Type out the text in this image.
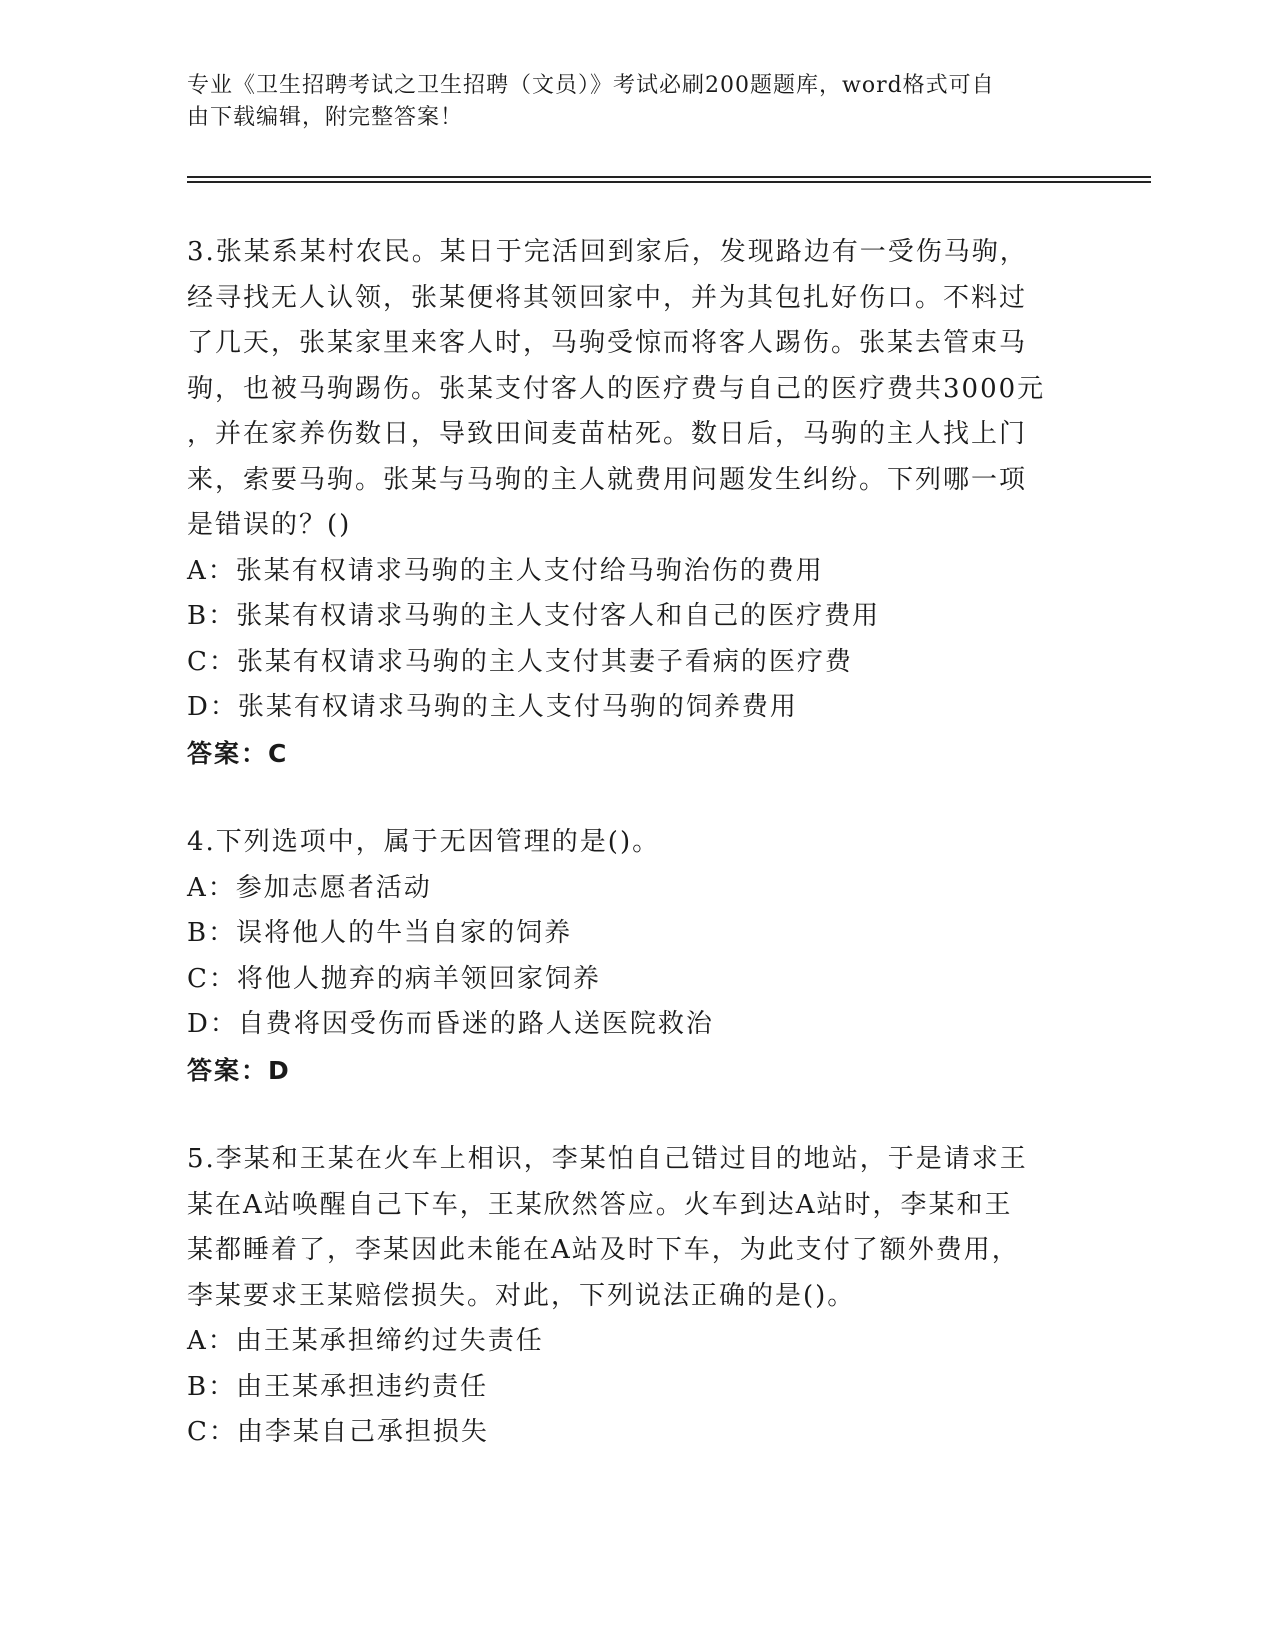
专业《卫生招聘考试之卫生招聘（文员）》考试必刷200题题库，word格式可自
由下载编辑，附完整答案！
3.张某系某村农民。某日于完活回到家后，发现路边有一受伤马驹，
经寻找无人认领，张某便将其领回家中，并为其包扎好伤口。不料过
了几天，张某家里来客人时，马驹受惊而将客人踢伤。张某去管束马
驹，也被马驹踢伤。张某支付客人的医疗费与自己的医疗费共3000元
，并在家养伤数日，导致田间麦苗枯死。数日后，马驹的主人找上门
来，索要马驹。张某与马驹的主人就费用问题发生纠纷。下列哪一项
是错误的？()
A：张某有权请求马驹的主人支付给马驹治伤的费用
B：张某有权请求马驹的主人支付客人和自己的医疗费用
C：张某有权请求马驹的主人支付其妻子看病的医疗费
D：张某有权请求马驹的主人支付马驹的饲养费用
答案：C
4.下列选项中，属于无因管理的是()。
A：参加志愿者活动
B：误将他人的牛当自家的饲养
C：将他人抛弃的病羊领回家饲养
D：自费将因受伤而昏迷的路人送医院救治
答案：D
5.李某和王某在火车上相识，李某怕自己错过目的地站，于是请求王
某在A站唤醒自己下车，王某欣然答应。火车到达A站时，李某和王
某都睡着了，李某因此未能在A站及时下车，为此支付了额外费用，
李某要求王某赔偿损失。对此，下列说法正确的是()。
A：由王某承担缔约过失责任
B：由王某承担违约责任
C：由李某自己承担损失
